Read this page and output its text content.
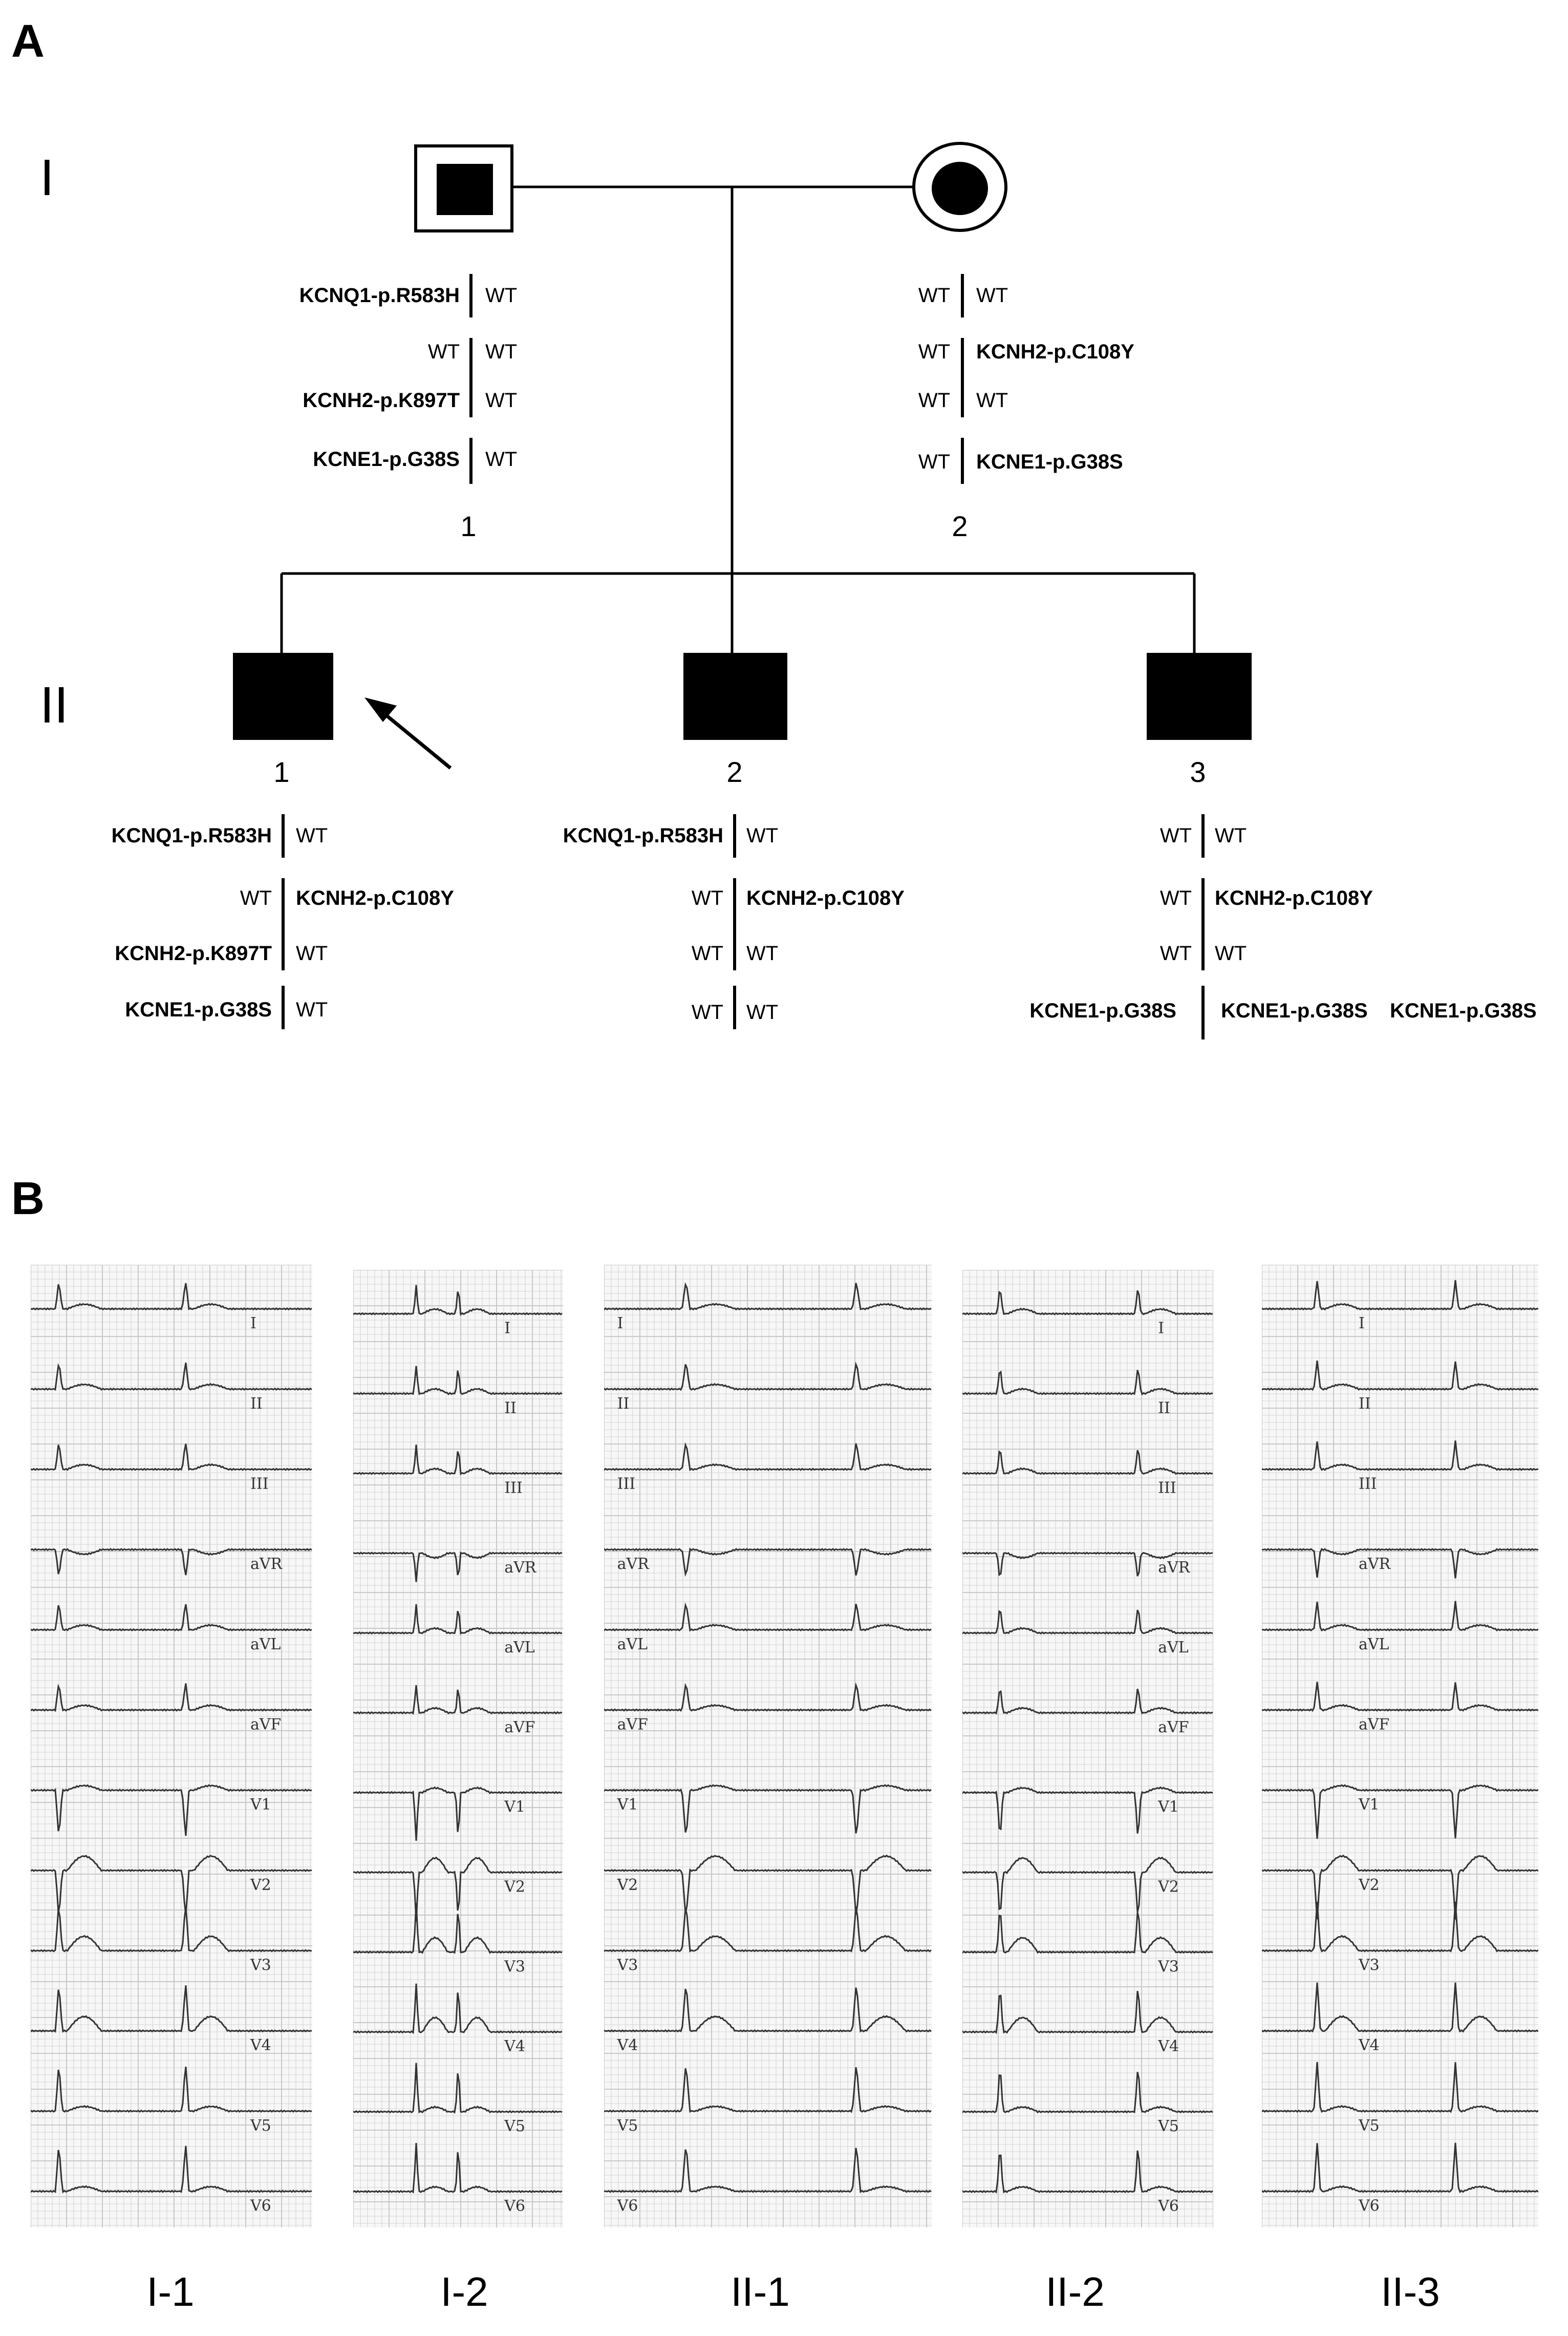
A
I
II
1	2
1	2	3
KCNQ1-p.R583H WT
WT WT
KCNH2-p.K897T WT
KCNE1-p.G38S WT
WT WT
WT KCNH2-p.C108Y
WT WT
WT KCNE1-p.G38S
KCNQ1-p.R583H WT
WT KCNH2-p.C108Y
KCNH2-p.K897T WT
KCNE1-p.G38S WT
KCNQ1-p.R583H WT
WT KCNH2-p.C108Y
WT WT
WT WT
WT WT
WT KCNH2-p.C108Y
WT WT
KCNE1-p.G38S KCNE1-p.G38S KCNE1-p.G38S
B
I
II
III
aVR
aVL
aVF
V1
V2
V3
V4
V5
V6
I
II
III
aVR
aVL
aVF
V1
V2
V3
V4
V5
V6
I
II
III
aVR
aVL
aVF
V1
V2
V3
V4
V5
V6
I
II
III
aVR
aVL
aVF
V1
V2
V3
V4
V5
V6
I
II
III
aVR
aVL
aVF
V1
V2
V3
V4
V5
V6
I-1	I-2	II-1	II-2	II-3
